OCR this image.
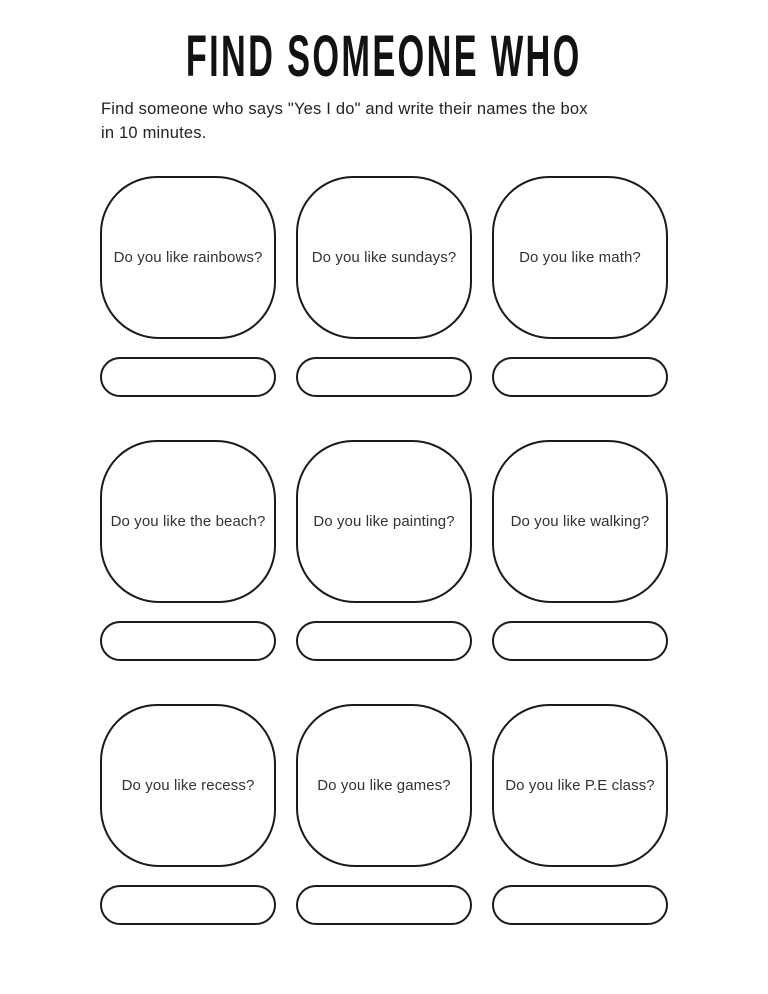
FIND SOMEONE WHO
Find someone who says "Yes I do" and write their names the box
in 10 minutes.
Do you like rainbows?	Do you like sundays?	Do you like math?
Do you like the beach?	Do you like painting?	Do you like walking?
Do you like recess?	Do you like games?	Do you like P.E class?
